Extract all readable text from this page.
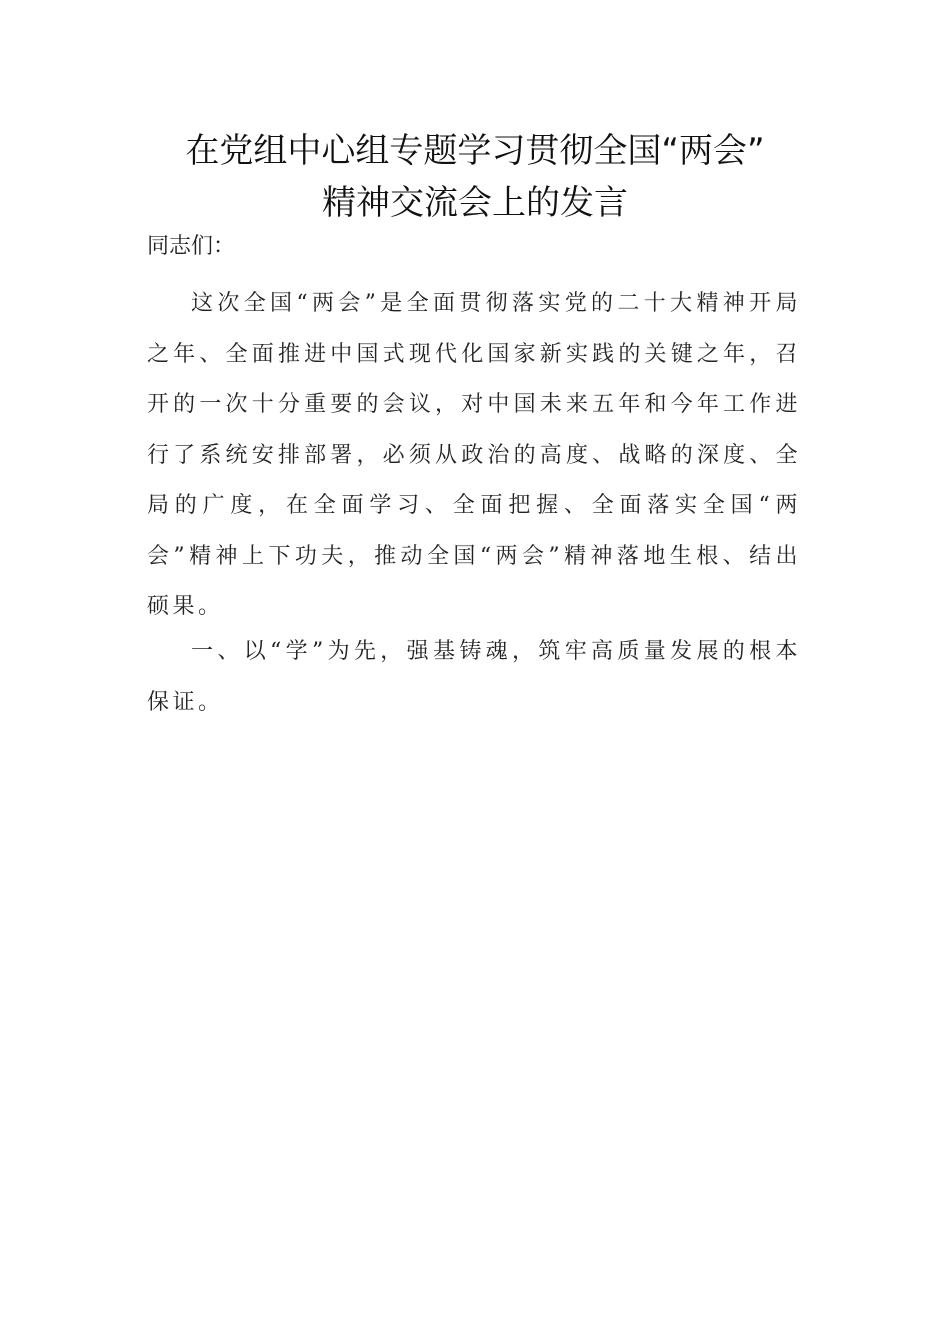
在党组中心组专题学习贯彻全国“两会”
精神交流会上的发言
同志们：

这次全国“两会”是全面贯彻落实党的二十大精神开局之年、全面推进中国式现代化国家新实践的关键之年，召开的一次十分重要的会议，对中国未来五年和今年工作进行了系统安排部署，必须从政治的高度、战略的深度、全局的广度，在全面学习、全面把握、全面落实全国“两会”精神上下功夫，推动全国“两会”精神落地生根、结出硕果。

一、以“学”为先，强基铸魂，筑牢高质量发展的根本保证。
